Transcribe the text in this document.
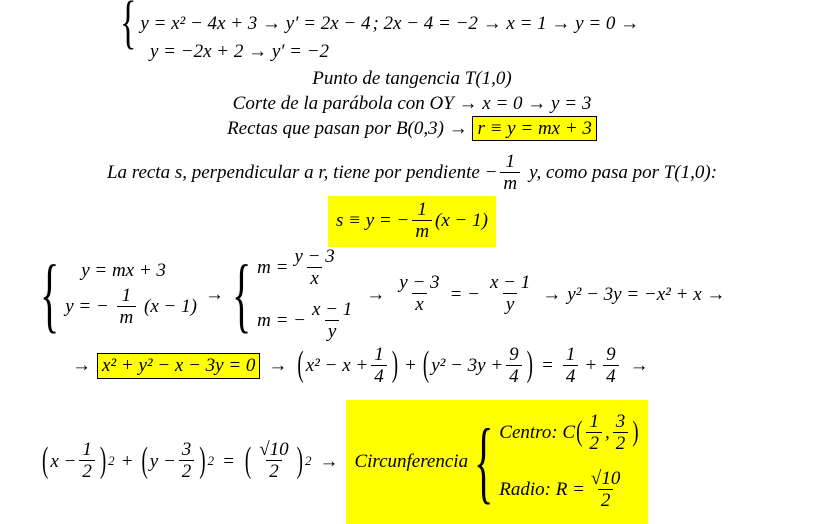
{ y = x² − 4x + 3 → y′ = 2x − 4 ; 2x − 4 = −2 → x = 1 → y = 0 →
y = −2x + 2 → y′ = −2
Punto de tangencia T(1,0)
Corte de la parábola con OY → x = 0 → y = 3
Rectas que pasan por B(0,3) → r ≡ y = mx + 3
La recta s, perpendicular a r, tiene por pendiente − $\frac{1}{m} y$, como pasa por T(1,0):
s ≡ y = − $\frac{1}{m} (x - 1)$
{	y = mx + 3
y = − $\frac{1}{m} (x - 1)$
→ { $m = \frac{y - 3}{x}$
m = − $\frac{x - 1}{y}$
→ $\frac{y - 3}{x}$ = − $\frac{x - 1}{y} \to y^2 - 3y = -x^2 + x$ →
→ x² + y² − x − 3y = 0 → ( $x^2 - x + \frac{1}{4}$ ) + ( $y^2 - 3y + \frac{9}{4}$ ) = $\frac{1}{4} + \frac{9}{4}$ →
( $x - \frac{1}{2}$ ) 2 + ( $y - \frac{3}{2}$ ) 2 = ( $\frac{√10}{2}$ ) 2 → Circunferencia { Centro: C ( $\frac{1}{2}$ , $\frac{3}{2}$ )
Radio: $R = \frac{√10}{2}$
